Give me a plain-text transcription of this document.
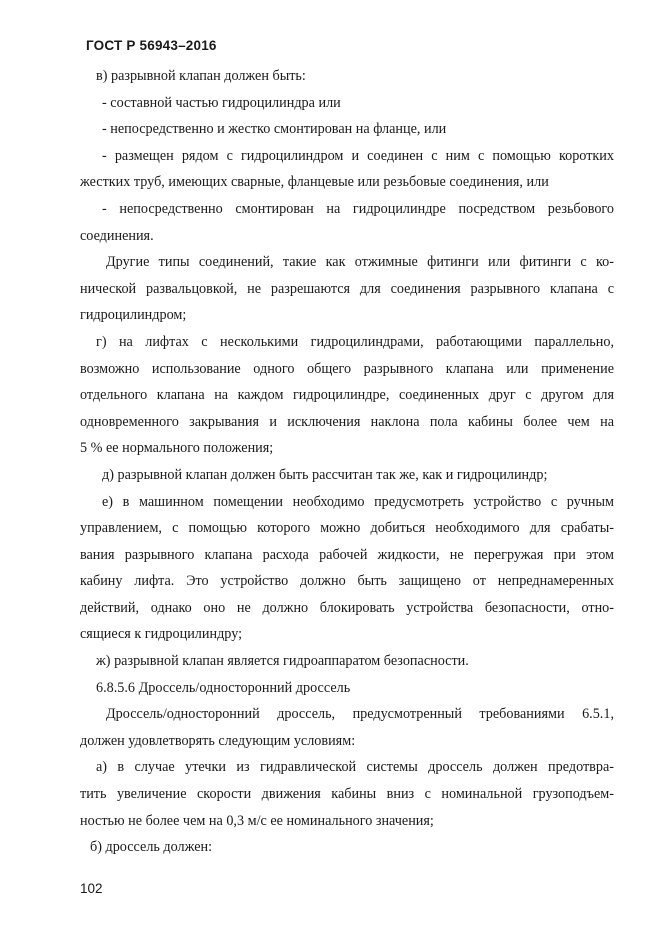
ГОСТ Р 56943–2016

в) разрывной клапан должен быть:

- составной частью гидроцилиндра или

- непосредственно и жестко смонтирован на фланце, или

- размещен рядом с гидроцилиндром и соединен с ним с помощью коротких

жестких труб, имеющих сварные, фланцевые или резьбовые соединения, или

- непосредственно смонтирован на гидроцилиндре посредством резьбового

соединения.

Другие типы соединений, такие как отжимные фитинги или фитинги с ко-

нической развальцовкой, не разрешаются для соединения разрывного клапана с

гидроцилиндром;

г) на лифтах с несколькими гидроцилиндрами, работающими параллельно,

возможно использование одного общего разрывного клапана или применение

отдельного клапана на каждом гидроцилиндре, соединенных друг с другом для

одновременного закрывания и исключения наклона пола кабины более чем на

5 % ее нормального положения;

д) разрывной клапан должен быть рассчитан так же, как и гидроцилиндр;

е) в машинном помещении необходимо предусмотреть устройство с ручным

управлением, с помощью которого можно добиться необходимого для срабаты-

вания разрывного клапана расхода рабочей жидкости, не перегружая при этом

кабину лифта. Это устройство должно быть защищено от непреднамеренных

действий, однако оно не должно блокировать устройства безопасности, отно-

сящиеся к гидроцилиндру;

ж) разрывной клапан является гидроаппаратом безопасности.

6.8.5.6 Дроссель/односторонний дроссель

Дроссель/односторонний дроссель, предусмотренный требованиями 6.5.1,

должен удовлетворять следующим условиям:

а) в случае утечки из гидравлической системы дроссель должен предотвра-

тить увеличение скорости движения кабины вниз с номинальной грузоподъем-

ностью не более чем на 0,3 м/с ее номинального значения;

б) дроссель должен:

102
